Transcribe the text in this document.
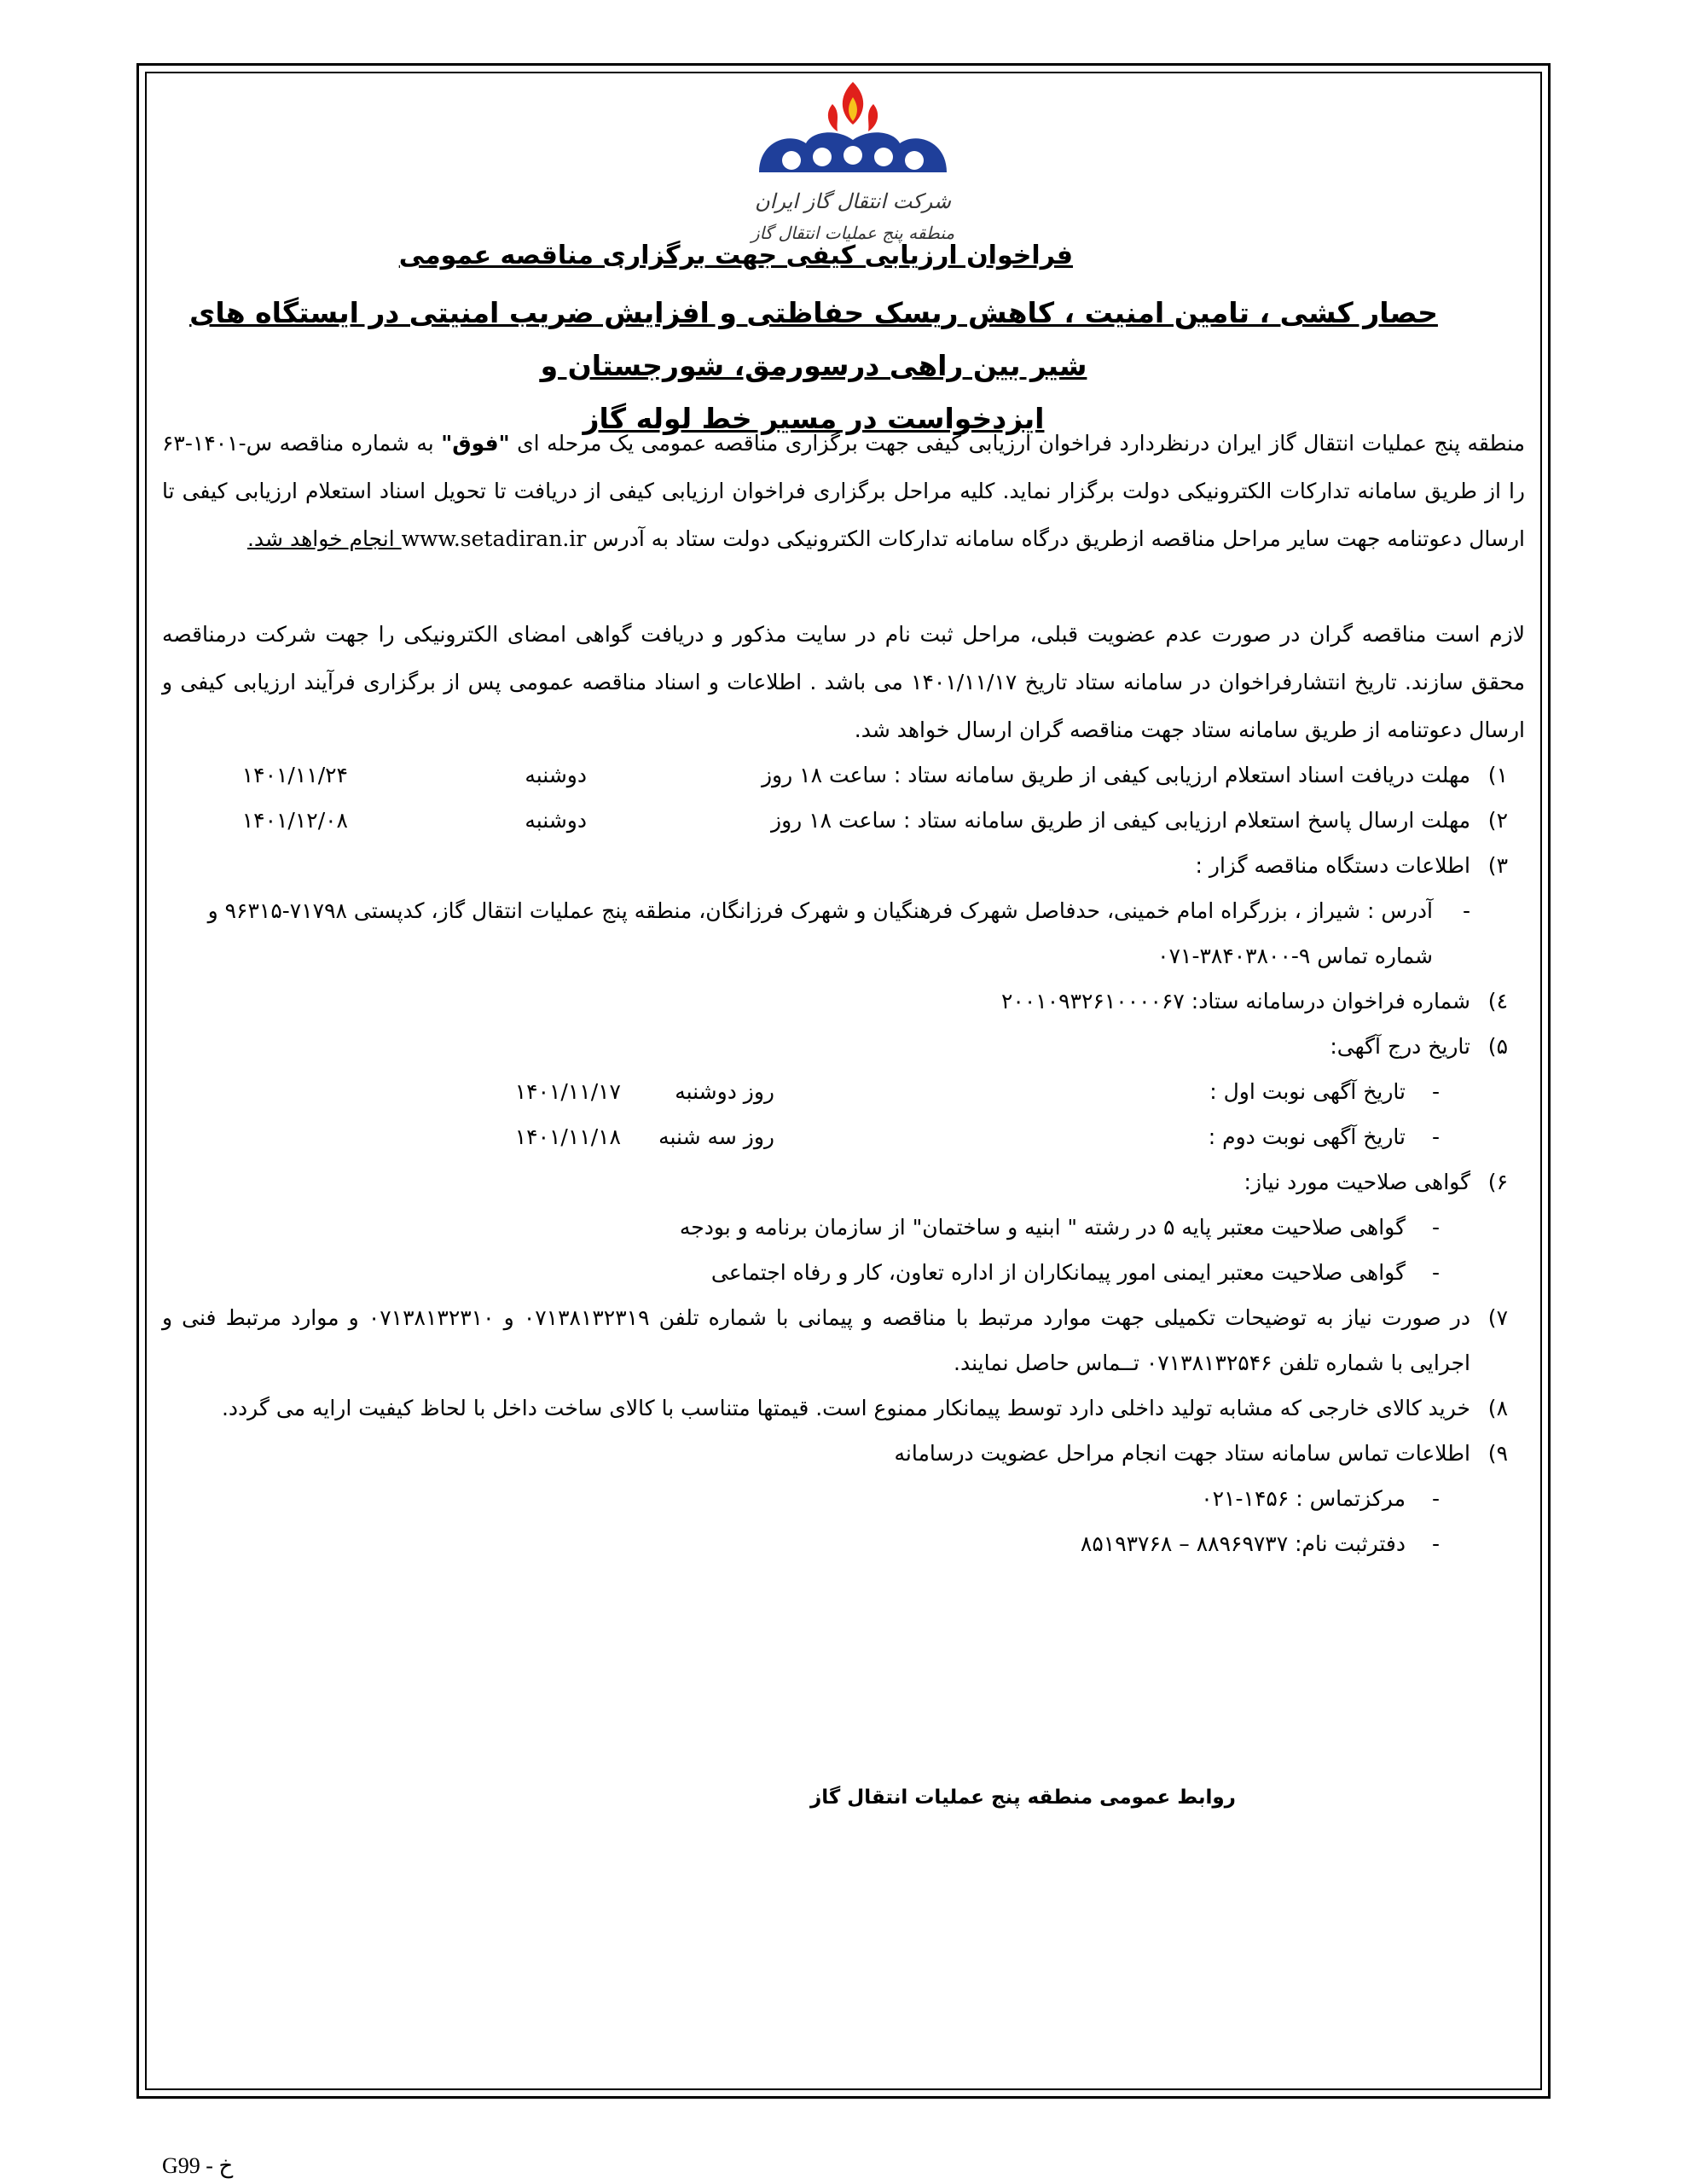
شرکت انتقال گاز ایران
منطقه پنج عملیات انتقال گاز
فراخوان ارزیابی کیفی جهت برگزاری مناقصه عمومی
حصار کشی ، تامین امنیت ، کاهش ریسک حفاظتی و افزایش ضریب امنیتی در ایستگاه های شیر بین راهی درسورمق، شورجستان و
ایزدخواست در مسیر خط لوله گاز
منطقه پنج عملیات انتقال گاز ایران درنظردارد فراخوان ارزیابی کیفی جهت برگزاری مناقصه عمومی یک مرحله ای "فوق" به شماره مناقصه س-۱۴۰۱-۶۳ را از طریق سامانه تدارکات الکترونیکی دولت برگزار نماید. کلیه مراحل برگزاری فراخوان ارزیابی کیفی از دریافت تا تحویل اسناد استعلام ارزیابی کیفی تا ارسال دعوتنامه جهت سایر مراحل مناقصه ازطریق درگاه سامانه تدارکات الکترونیکی دولت ستاد به آدرس www.setadiran.ir انجام خواهد شد.
لازم است مناقصه گران در صورت عدم عضویت قبلی، مراحل ثبت نام در سایت مذکور و دریافت گواهی امضای الکترونیکی را جهت شرکت درمناقصه محقق سازند. تاریخ انتشارفراخوان در سامانه ستاد تاریخ ۱۴۰۱/۱۱/۱۷ می باشد . اطلاعات و اسناد مناقصه عمومی پس از برگزاری فرآیند ارزیابی کیفی و ارسال دعوتنامه از طریق سامانه ستاد جهت مناقصه گران ارسال خواهد شد.
۱)
مهلت دریافت اسناد استعلام ارزیابی کیفی از طریق سامانه ستاد : ساعت ۱۸ روز
دوشنبه
۱۴۰۱/۱۱/۲۴
۲)
مهلت ارسال پاسخ استعلام ارزیابی کیفی از طریق سامانه ستاد : ساعت ۱۸ روز
دوشنبه
۱۴۰۱/۱۲/۰۸
۳)
اطلاعات دستگاه مناقصه گزار :
-
آدرس : شیراز ، بزرگراه امام خمینی، حدفاصل شهرک فرهنگیان و شهرک فرزانگان، منطقه پنج عملیات انتقال گاز، کدپستی ۷۱۷۹۸-۹۶۳۱۵ و شماره تماس ۹-۳۸۴۰۳۸۰۰-۰۷۱
٤)
شماره فراخوان درسامانه ستاد: ۲۰۰۱۰۹۳۲۶۱۰۰۰۰۶۷
۵)
تاریخ درج آگهی:
-
تاریخ آگهی نوبت اول :
روز دوشنبه
۱۴۰۱/۱۱/۱۷
-
تاریخ آگهی نوبت دوم :
روز سه شنبه
۱۴۰۱/۱۱/۱۸
۶)
گواهی صلاحیت مورد نیاز:
-
گواهی صلاحیت معتبر پایه ۵ در رشته " ابنیه و ساختمان" از سازمان برنامه و بودجه
-
گواهی صلاحیت معتبر ایمنی امور پیمانکاران از اداره تعاون، کار و رفاه اجتماعی
۷)
در صورت نیاز به توضیحات تکمیلی جهت موارد مرتبط با مناقصه و پیمانی با شماره تلفن ۰۷۱۳۸۱۳۲۳۱۹ و ۰۷۱۳۸۱۳۲۳۱۰ و موارد مرتبط فنی و اجرایی با شماره تلفن ۰۷۱۳۸۱۳۲۵۴۶ تــماس حاصل نمایند.
۸)
خرید کالای خارجی که مشابه تولید داخلی دارد توسط پیمانکار ممنوع است. قیمتها متناسب با کالای ساخت داخل با لحاظ کیفیت ارایه می گردد.
۹)
اطلاعات تماس سامانه ستاد جهت انجام مراحل عضویت درسامانه
-
مرکزتماس : ۱۴۵۶-۰۲۱
-
دفترثبت نام: ۸۸۹۶۹۷۳۷ – ۸۵۱۹۳۷۶۸
روابط عمومی منطقه پنج عملیات انتقال گاز
G99 - خ
